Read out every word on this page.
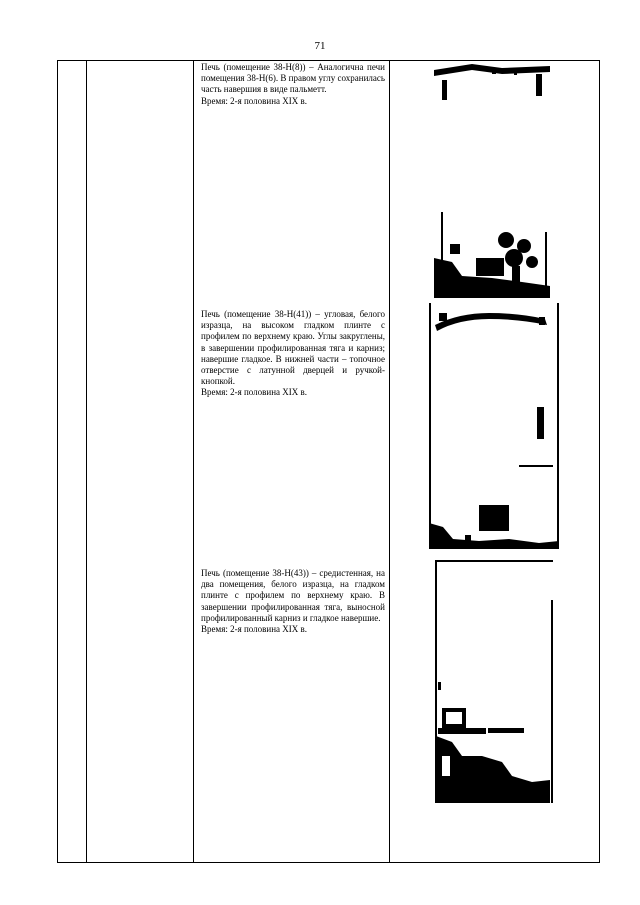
71

Печь (помещение 38-Н(8)) – Аналогична печи помещения 38-Н(6). В правом углу сохранилась часть навершия в виде пальметт.

Время: 2-я половина XIX в.

Печь (помещение 38-Н(41)) – угловая, белого изразца, на высоком гладком плинте с профилем по верхнему краю. Углы закруглены, в завершении профилированная тяга и карниз; навершие гладкое. В нижней части – топочное отверстие с латунной дверцей и ручкой-кнопкой.

Время: 2-я половина XIX в.

Печь (помещение 38-Н(43)) – средистенная, на два помещения, белого изразца, на гладком плинте с профилем по верхнему краю. В завершении профилированная тяга, выносной профилированный карниз и гладкое навершие.

Время: 2-я половина XIX в.
